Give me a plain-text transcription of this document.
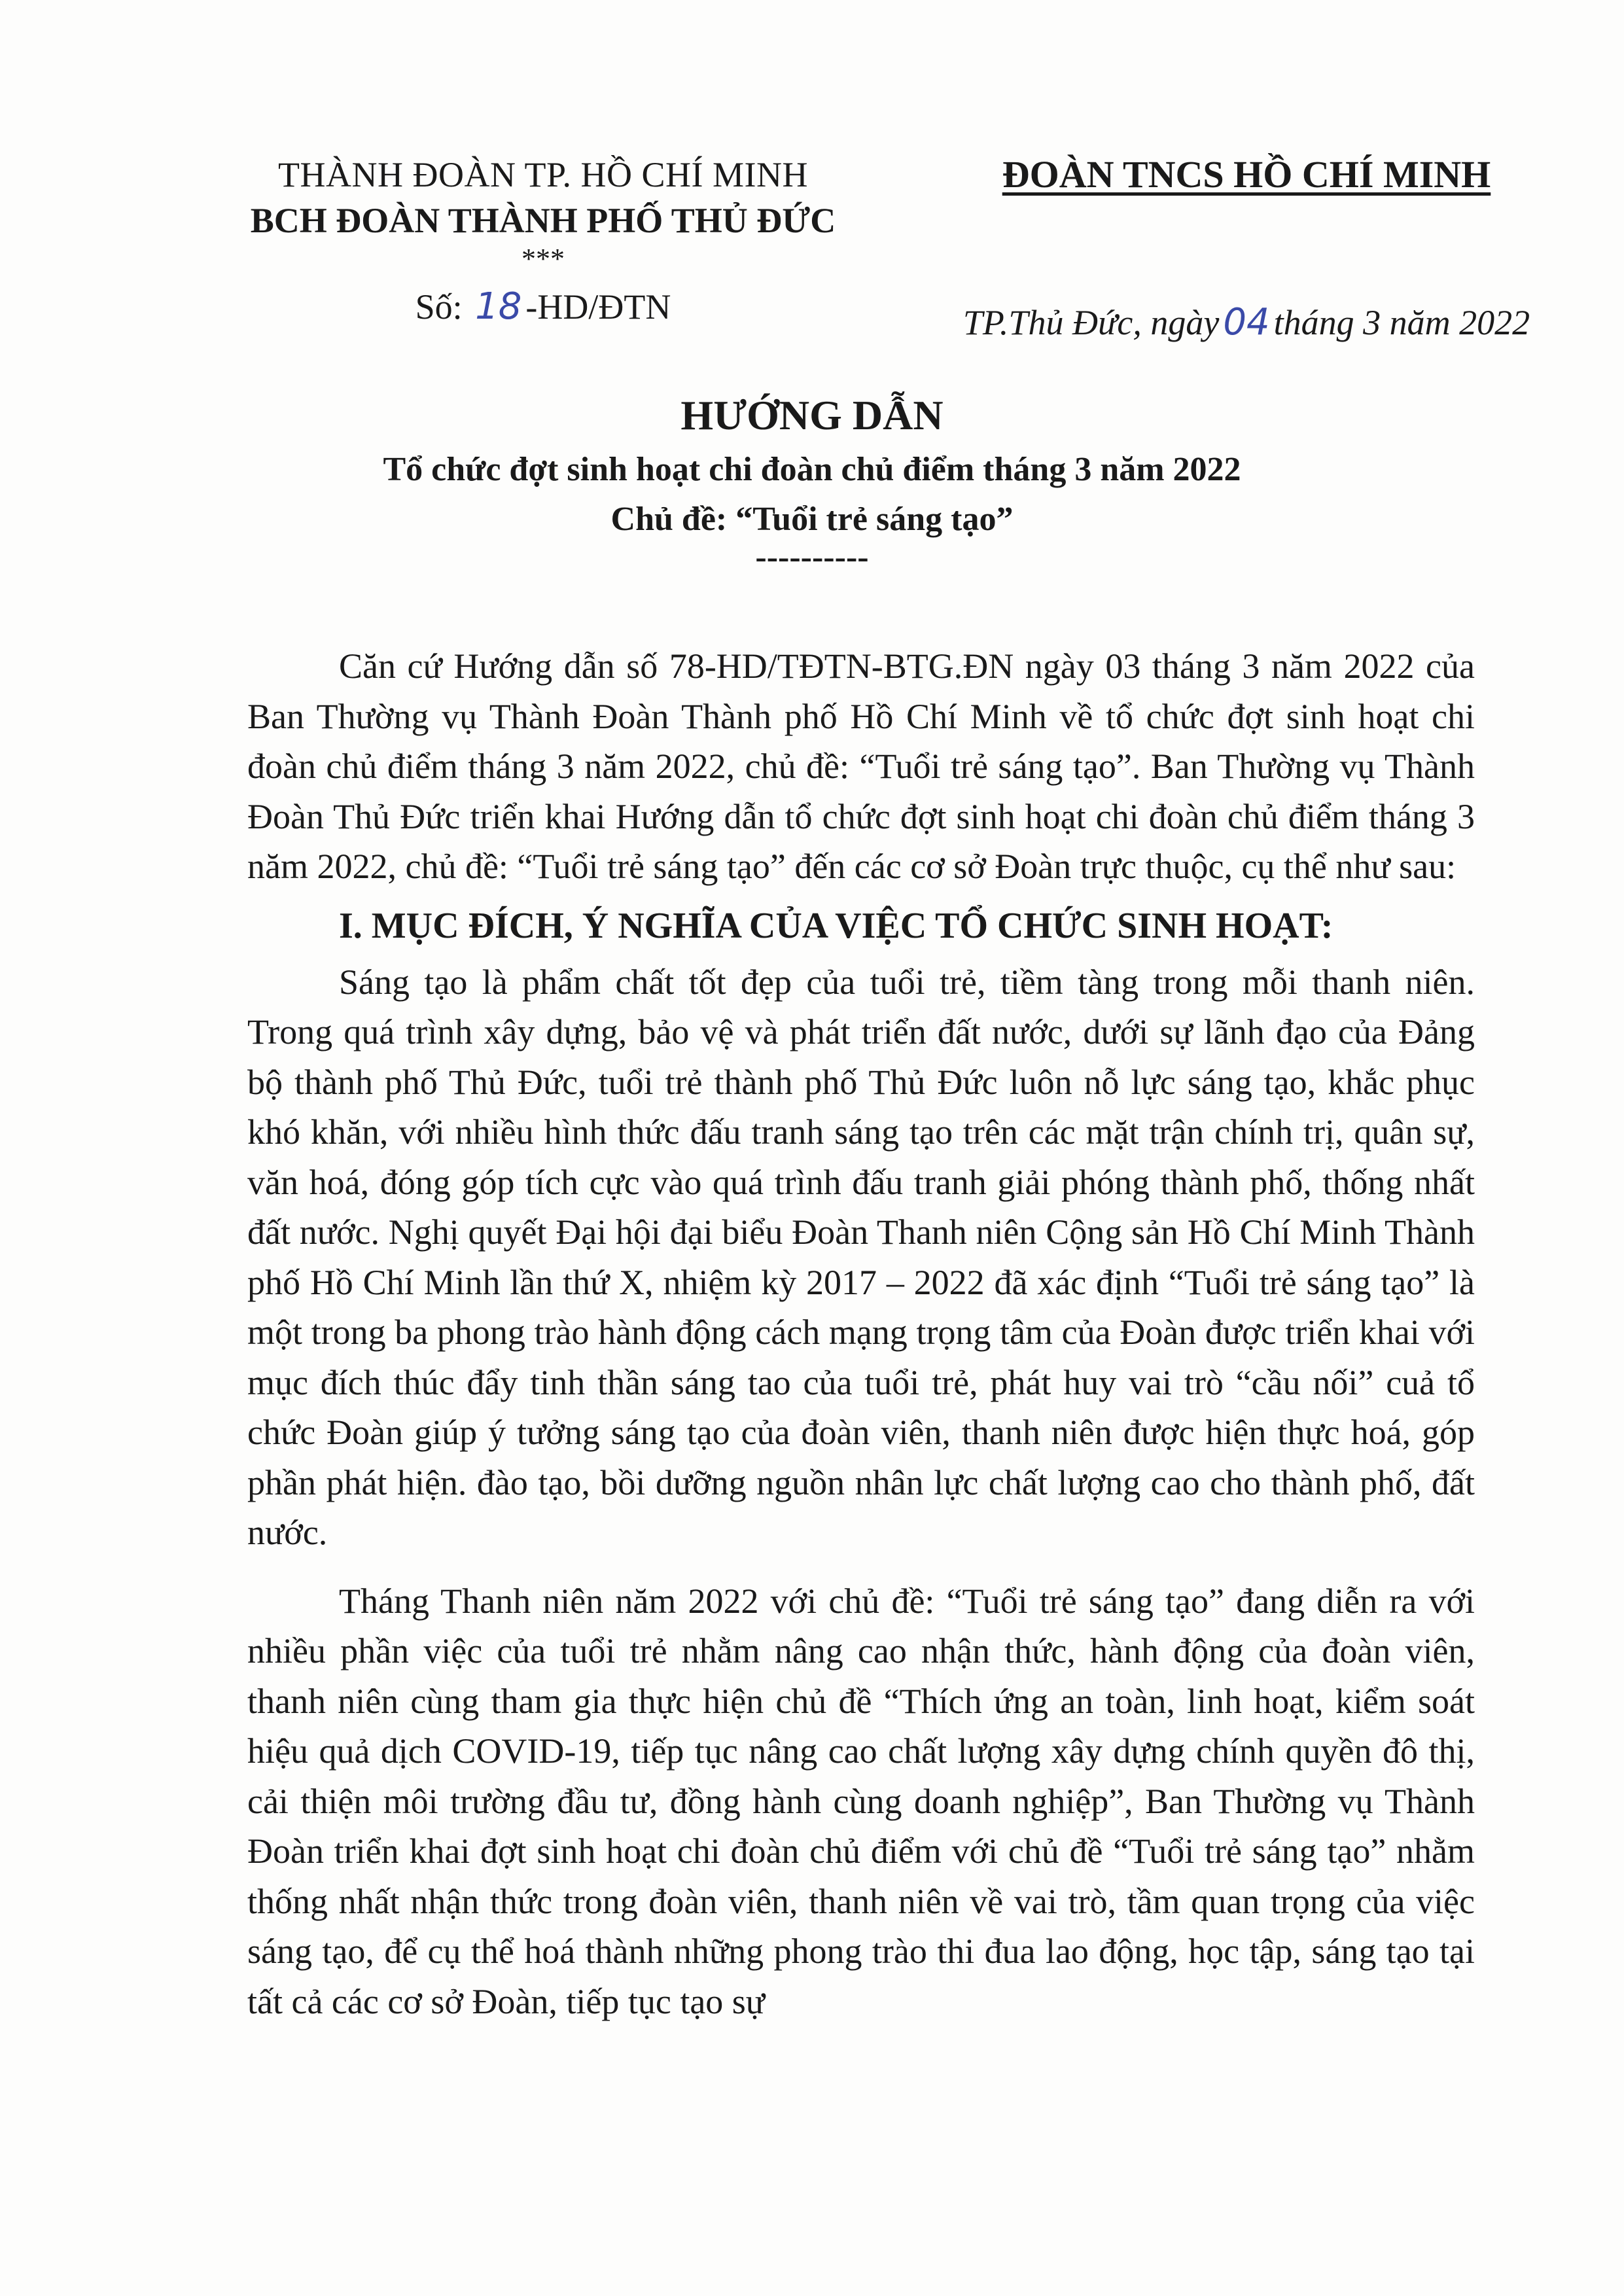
THÀNH ĐOÀN TP. HỒ CHÍ MINH
BCH ĐOÀN THÀNH PHỐ THỦ ĐỨC
***
Số: 18 -HD/ĐTN
ĐOÀN TNCS HỒ CHÍ MINH
TP.Thủ Đức, ngày 04 tháng 3 năm 2022
HƯỚNG DẪN
Tổ chức đợt sinh hoạt chi đoàn chủ điểm tháng 3 năm 2022
Chủ đề: “Tuổi trẻ sáng tạo”
----------

Căn cứ Hướng dẫn số 78-HD/TĐTN-BTG.ĐN ngày 03 tháng 3 năm 2022 của Ban Thường vụ Thành Đoàn Thành phố Hồ Chí Minh về tổ chức đợt sinh hoạt chi đoàn chủ điểm tháng 3 năm 2022, chủ đề: “Tuổi trẻ sáng tạo”. Ban Thường vụ Thành Đoàn Thủ Đức triển khai Hướng dẫn tổ chức đợt sinh hoạt chi đoàn chủ điểm tháng 3 năm 2022, chủ đề: “Tuổi trẻ sáng tạo” đến các cơ sở Đoàn trực thuộc, cụ thể như sau:

I. MỤC ĐÍCH, Ý NGHĨA CỦA VIỆC TỔ CHỨC SINH HOẠT:

Sáng tạo là phẩm chất tốt đẹp của tuổi trẻ, tiềm tàng trong mỗi thanh niên. Trong quá trình xây dựng, bảo vệ và phát triển đất nước, dưới sự lãnh đạo của Đảng bộ thành phố Thủ Đức, tuổi trẻ thành phố Thủ Đức luôn nỗ lực sáng tạo, khắc phục khó khăn, với nhiều hình thức đấu tranh sáng tạo trên các mặt trận chính trị, quân sự, văn hoá, đóng góp tích cực vào quá trình đấu tranh giải phóng thành phố, thống nhất đất nước. Nghị quyết Đại hội đại biểu Đoàn Thanh niên Cộng sản Hồ Chí Minh Thành phố Hồ Chí Minh lần thứ X, nhiệm kỳ 2017 – 2022 đã xác định “Tuổi trẻ sáng tạo” là một trong ba phong trào hành động cách mạng trọng tâm của Đoàn được triển khai với mục đích thúc đẩy tinh thần sáng tao của tuổi trẻ, phát huy vai trò “cầu nối” cuả tổ chức Đoàn giúp ý tưởng sáng tạo của đoàn viên, thanh niên được hiện thực hoá, góp phần phát hiện. đào tạo, bồi dưỡng nguồn nhân lực chất lượng cao cho thành phố, đất nước.

Tháng Thanh niên năm 2022 với chủ đề: “Tuổi trẻ sáng tạo” đang diễn ra với nhiều phần việc của tuổi trẻ nhằm nâng cao nhận thức, hành động của đoàn viên, thanh niên cùng tham gia thực hiện chủ đề “Thích ứng an toàn, linh hoạt, kiểm soát hiệu quả dịch COVID-19, tiếp tục nâng cao chất lượng xây dựng chính quyền đô thị, cải thiện môi trường đầu tư, đồng hành cùng doanh nghiệp”, Ban Thường vụ Thành Đoàn triển khai đợt sinh hoạt chi đoàn chủ điểm với chủ đề “Tuổi trẻ sáng tạo” nhằm thống nhất nhận thức trong đoàn viên, thanh niên về vai trò, tầm quan trọng của việc sáng tạo, để cụ thể hoá thành những phong trào thi đua lao động, học tập, sáng tạo tại tất cả các cơ sở Đoàn, tiếp tục tạo sự
